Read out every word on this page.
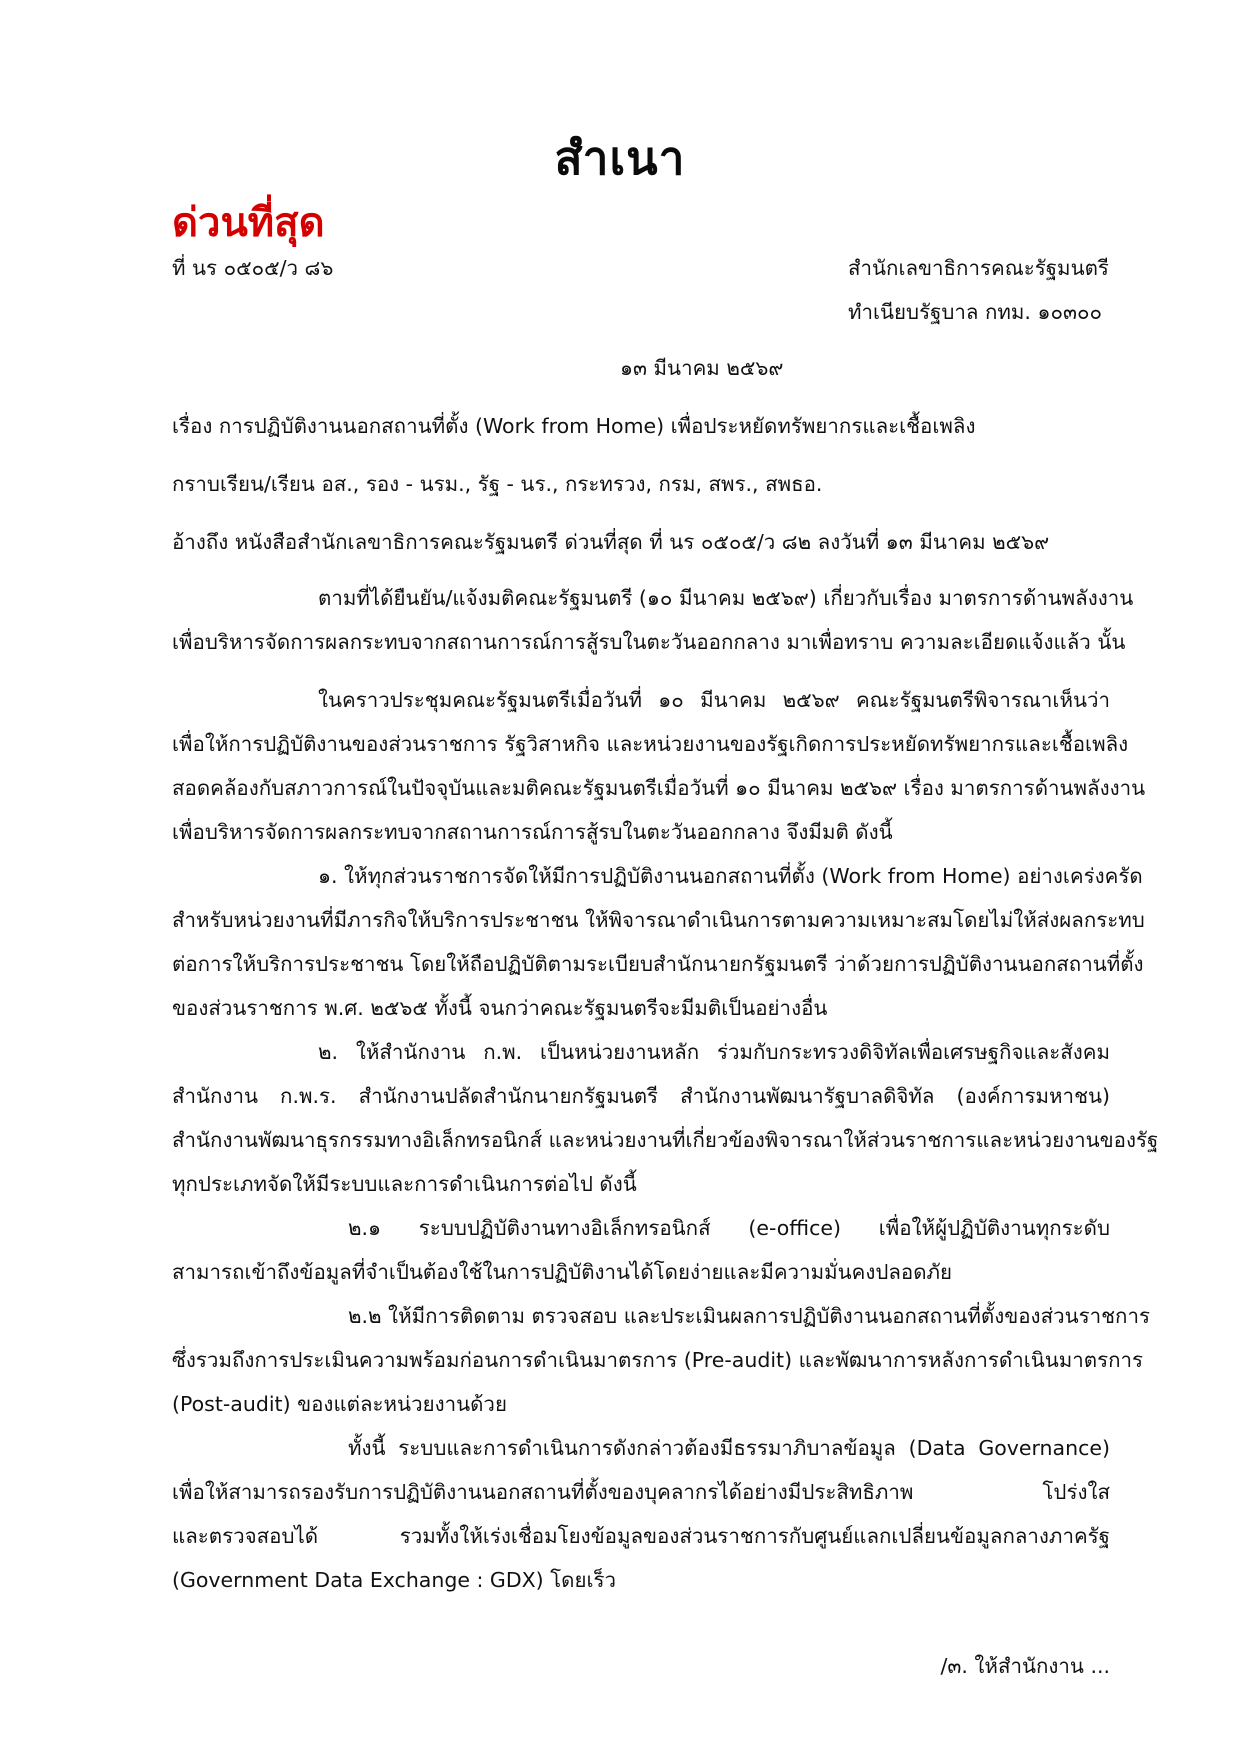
สำเนา
ด่วนที่สุด
ที่ นร ๐๕๐๕/ว ๘๖	สำนักเลขาธิการคณะรัฐมนตรี
ทำเนียบรัฐบาล กทม. ๑๐๓๐๐
๑๓ มีนาคม ๒๕๖๙
เรื่อง การปฏิบัติงานนอกสถานที่ตั้ง (Work from Home) เพื่อประหยัดทรัพยากรและเชื้อเพลิง
กราบเรียน/เรียน อส., รอง - นรม., รัฐ - นร., กระทรวง, กรม, สพร., สพธอ.
อ้างถึง หนังสือสำนักเลขาธิการคณะรัฐมนตรี ด่วนที่สุด ที่ นร ๐๕๐๕/ว ๘๒ ลงวันที่ ๑๓ มีนาคม ๒๕๖๙
ตามที่ได้ยืนยัน/แจ้งมติคณะรัฐมนตรี (๑๐ มีนาคม ๒๕๖๙) เกี่ยวกับเรื่อง มาตรการด้านพลังงาน
เพื่อบริหารจัดการผลกระทบจากสถานการณ์การสู้รบในตะวันออกกลาง มาเพื่อทราบ ความละเอียดแจ้งแล้ว นั้น
ในคราวประชุมคณะรัฐมนตรีเมื่อวันที่ ๑๐ มีนาคม ๒๕๖๙ คณะรัฐมนตรีพิจารณาเห็นว่า
เพื่อให้การปฏิบัติงานของส่วนราชการ รัฐวิสาหกิจ และหน่วยงานของรัฐเกิดการประหยัดทรัพยากรและเชื้อเพลิง
สอดคล้องกับสภาวการณ์ในปัจจุบันและมติคณะรัฐมนตรีเมื่อวันที่ ๑๐ มีนาคม ๒๕๖๙ เรื่อง มาตรการด้านพลังงาน
เพื่อบริหารจัดการผลกระทบจากสถานการณ์การสู้รบในตะวันออกกลาง จึงมีมติ ดังนี้
๑. ให้ทุกส่วนราชการจัดให้มีการปฏิบัติงานนอกสถานที่ตั้ง (Work from Home) อย่างเคร่งครัด
สำหรับหน่วยงานที่มีภารกิจให้บริการประชาชน ให้พิจารณาดำเนินการตามความเหมาะสมโดยไม่ให้ส่งผลกระทบ
ต่อการให้บริการประชาชน โดยให้ถือปฏิบัติตามระเบียบสำนักนายกรัฐมนตรี ว่าด้วยการปฏิบัติงานนอกสถานที่ตั้ง
ของส่วนราชการ พ.ศ. ๒๕๖๕ ทั้งนี้ จนกว่าคณะรัฐมนตรีจะมีมติเป็นอย่างอื่น
๒. ให้สำนักงาน ก.พ. เป็นหน่วยงานหลัก ร่วมกับกระทรวงดิจิทัลเพื่อเศรษฐกิจและสังคม
สำนักงาน ก.พ.ร. สำนักงานปลัดสำนักนายกรัฐมนตรี สำนักงานพัฒนารัฐบาลดิจิทัล (องค์การมหาชน)
สำนักงานพัฒนาธุรกรรมทางอิเล็กทรอนิกส์ และหน่วยงานที่เกี่ยวข้องพิจารณาให้ส่วนราชการและหน่วยงานของรัฐ
ทุกประเภทจัดให้มีระบบและการดำเนินการต่อไป ดังนี้
๒.๑ ระบบปฏิบัติงานทางอิเล็กทรอนิกส์ (e-office) เพื่อให้ผู้ปฏิบัติงานทุกระดับ
สามารถเข้าถึงข้อมูลที่จำเป็นต้องใช้ในการปฏิบัติงานได้โดยง่ายและมีความมั่นคงปลอดภัย
๒.๒ ให้มีการติดตาม ตรวจสอบ และประเมินผลการปฏิบัติงานนอกสถานที่ตั้งของส่วนราชการ
ซึ่งรวมถึงการประเมินความพร้อมก่อนการดำเนินมาตรการ (Pre-audit) และพัฒนาการหลังการดำเนินมาตรการ
(Post-audit) ของแต่ละหน่วยงานด้วย
ทั้งนี้ ระบบและการดำเนินการดังกล่าวต้องมีธรรมาภิบาลข้อมูล (Data Governance)
เพื่อให้สามารถรองรับการปฏิบัติงานนอกสถานที่ตั้งของบุคลากรได้อย่างมีประสิทธิภาพ โปร่งใส
และตรวจสอบได้ รวมทั้งให้เร่งเชื่อมโยงข้อมูลของส่วนราชการกับศูนย์แลกเปลี่ยนข้อมูลกลางภาครัฐ
(Government Data Exchange : GDX) โดยเร็ว
/๓. ให้สำนักงาน ...
